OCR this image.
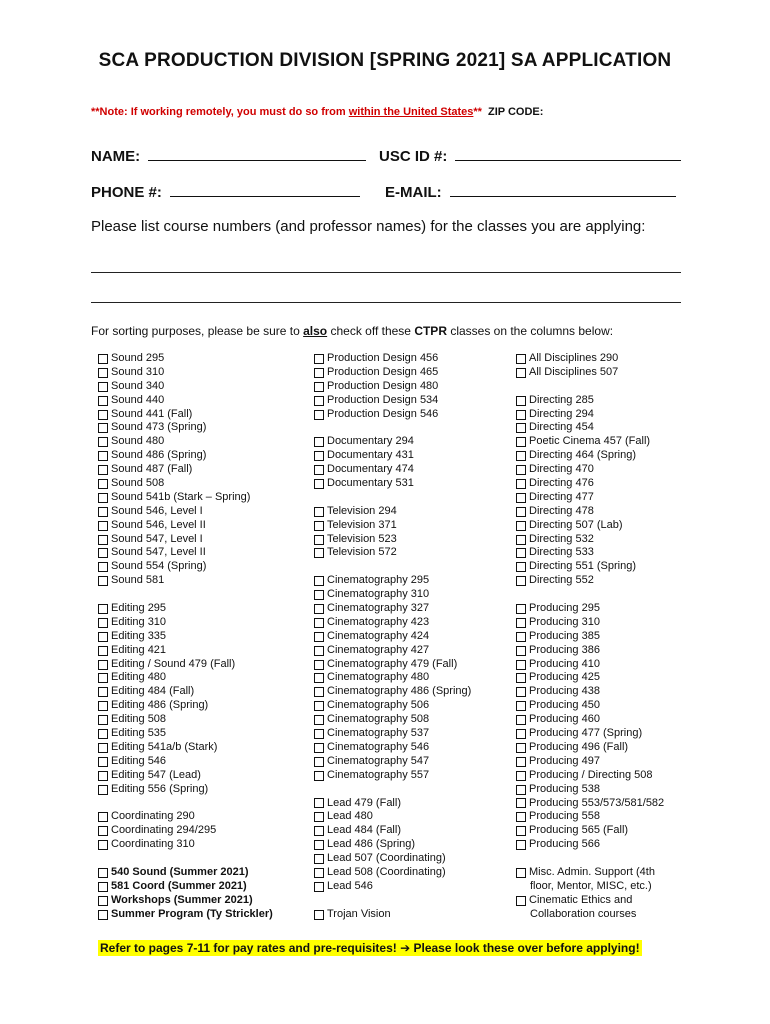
SCA PRODUCTION DIVISION [SPRING 2021] SA APPLICATION
**Note: If working remotely, you must do so from within the United States** ZIP CODE:
NAME:	USC ID #:
PHONE #:	E-MAIL:
Please list course numbers (and professor names) for the classes you are applying:
For sorting purposes, please be sure to also check off these CTPR classes on the columns below:
Sound 295
Sound 310
Sound 340
Sound 440
Sound 441 (Fall)
Sound 473 (Spring)
Sound 480
Sound 486 (Spring)
Sound 487 (Fall)
Sound 508
Sound 541b (Stark – Spring)
Sound 546, Level I
Sound 546, Level II
Sound 547, Level I
Sound 547, Level II
Sound 554 (Spring)
Sound 581
Editing 295
Editing 310
Editing 335
Editing 421
Editing / Sound 479 (Fall)
Editing 480
Editing 484 (Fall)
Editing 486 (Spring)
Editing 508
Editing 535
Editing 541a/b (Stark)
Editing 546
Editing 547 (Lead)
Editing 556 (Spring)
Coordinating 290
Coordinating 294/295
Coordinating 310
540 Sound (Summer 2021)
581 Coord (Summer 2021)
Workshops (Summer 2021)
Summer Program (Ty Strickler)
Production Design 456
Production Design 465
Production Design 480
Production Design 534
Production Design 546
Documentary 294
Documentary 431
Documentary 474
Documentary 531
Television 294
Television 371
Television 523
Television 572
Cinematography 295
Cinematography 310
Cinematography 327
Cinematography 423
Cinematography 424
Cinematography 427
Cinematography 479 (Fall)
Cinematography 480
Cinematography 486 (Spring)
Cinematography 506
Cinematography 508
Cinematography 537
Cinematography 546
Cinematography 547
Cinematography 557
Lead 479 (Fall)
Lead 480
Lead 484 (Fall)
Lead 486 (Spring)
Lead 507 (Coordinating)
Lead 508 (Coordinating)
Lead 546
Trojan Vision
All Disciplines 290
All Disciplines 507
Directing 285
Directing 294
Directing 454
Poetic Cinema 457 (Fall)
Directing 464 (Spring)
Directing 470
Directing 476
Directing 477
Directing 478
Directing 507 (Lab)
Directing 532
Directing 533
Directing 551 (Spring)
Directing 552
Producing 295
Producing 310
Producing 385
Producing 386
Producing 410
Producing 425
Producing 438
Producing 450
Producing 460
Producing 477 (Spring)
Producing 496 (Fall)
Producing 497
Producing / Directing 508
Producing 538
Producing 553/573/581/582
Producing 558
Producing 565 (Fall)
Producing 566
Misc. Admin. Support (4th
floor, Mentor, MISC, etc.)
Cinematic Ethics and
Collaboration courses
Refer to pages 7-11 for pay rates and pre-requisites! ➔ Please look these over before applying!
